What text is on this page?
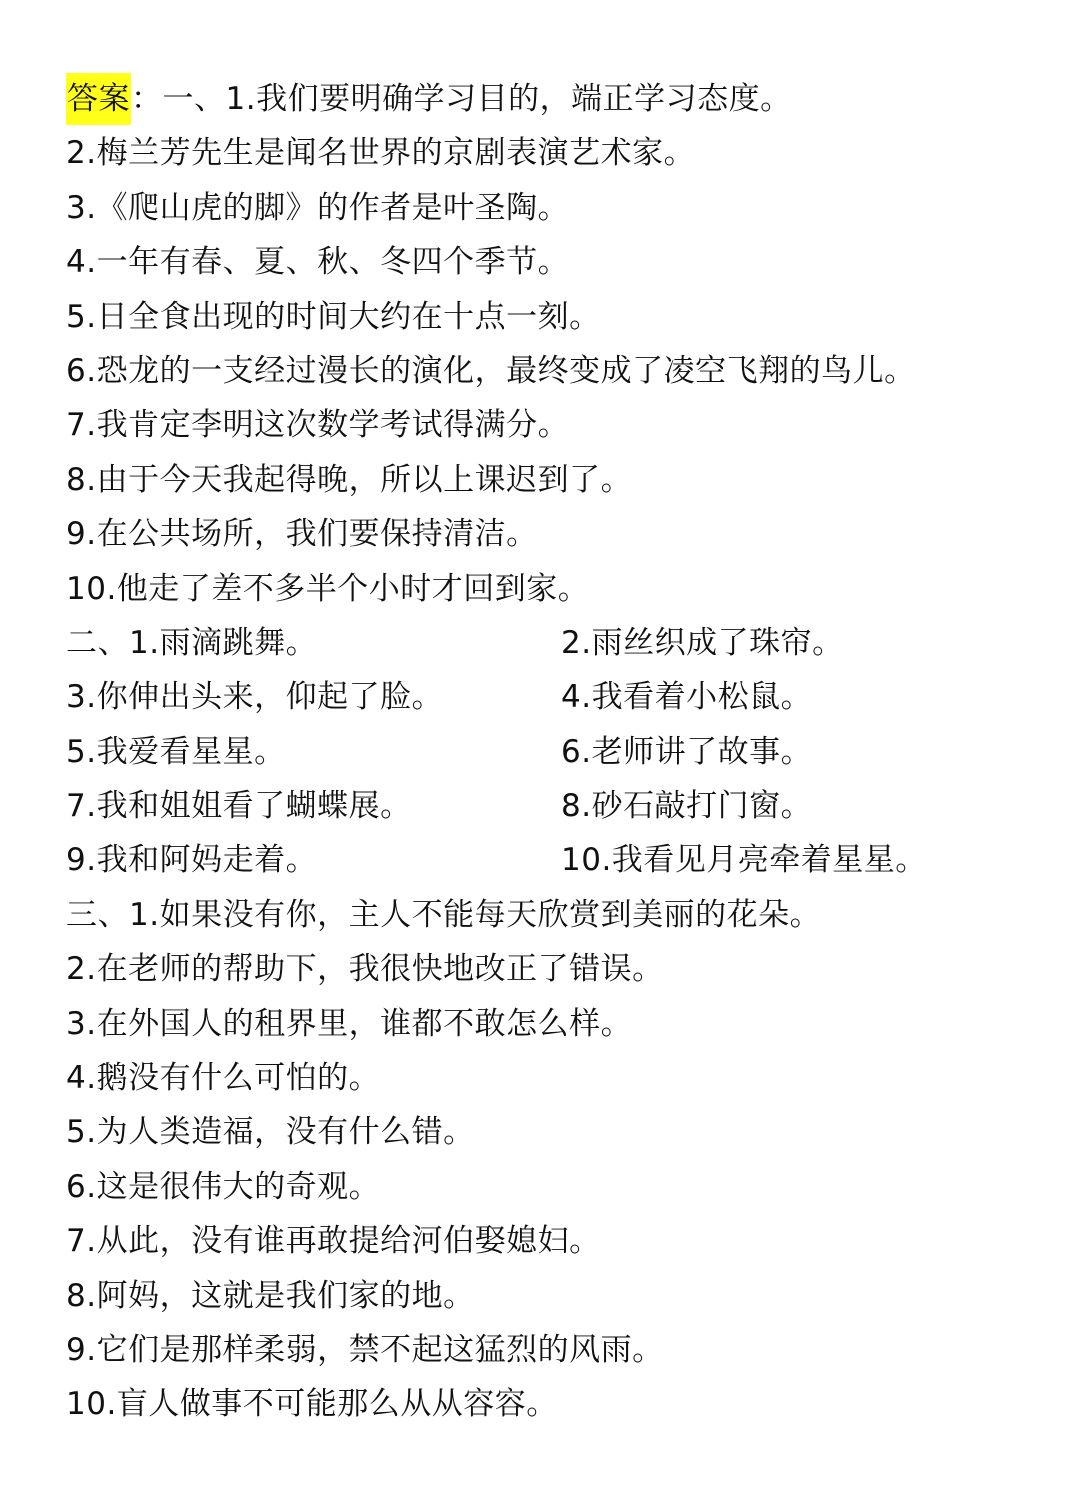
答案：一、1.我们要明确学习目的，端正学习态度。
2.梅兰芳先生是闻名世界的京剧表演艺术家。
3.《爬山虎的脚》的作者是叶圣陶。
4.一年有春、夏、秋、冬四个季节。
5.日全食出现的时间大约在十点一刻。
6.恐龙的一支经过漫长的演化，最终变成了凌空飞翔的鸟儿。
7.我肯定李明这次数学考试得满分。
8.由于今天我起得晚，所以上课迟到了。
9.在公共场所，我们要保持清洁。
10.他走了差不多半个小时才回到家。
二、1.雨滴跳舞。	2.雨丝织成了珠帘。
3.你伸出头来，仰起了脸。	4.我看着小松鼠。
5.我爱看星星。	6.老师讲了故事。
7.我和姐姐看了蝴蝶展。	8.砂石敲打门窗。
9.我和阿妈走着。	10.我看见月亮牵着星星。
三、1.如果没有你，主人不能每天欣赏到美丽的花朵。
2.在老师的帮助下，我很快地改正了错误。
3.在外国人的租界里，谁都不敢怎么样。
4.鹅没有什么可怕的。
5.为人类造福，没有什么错。
6.这是很伟大的奇观。
7.从此，没有谁再敢提给河伯娶媳妇。
8.阿妈，这就是我们家的地。
9.它们是那样柔弱，禁不起这猛烈的风雨。
10.盲人做事不可能那么从从容容。
